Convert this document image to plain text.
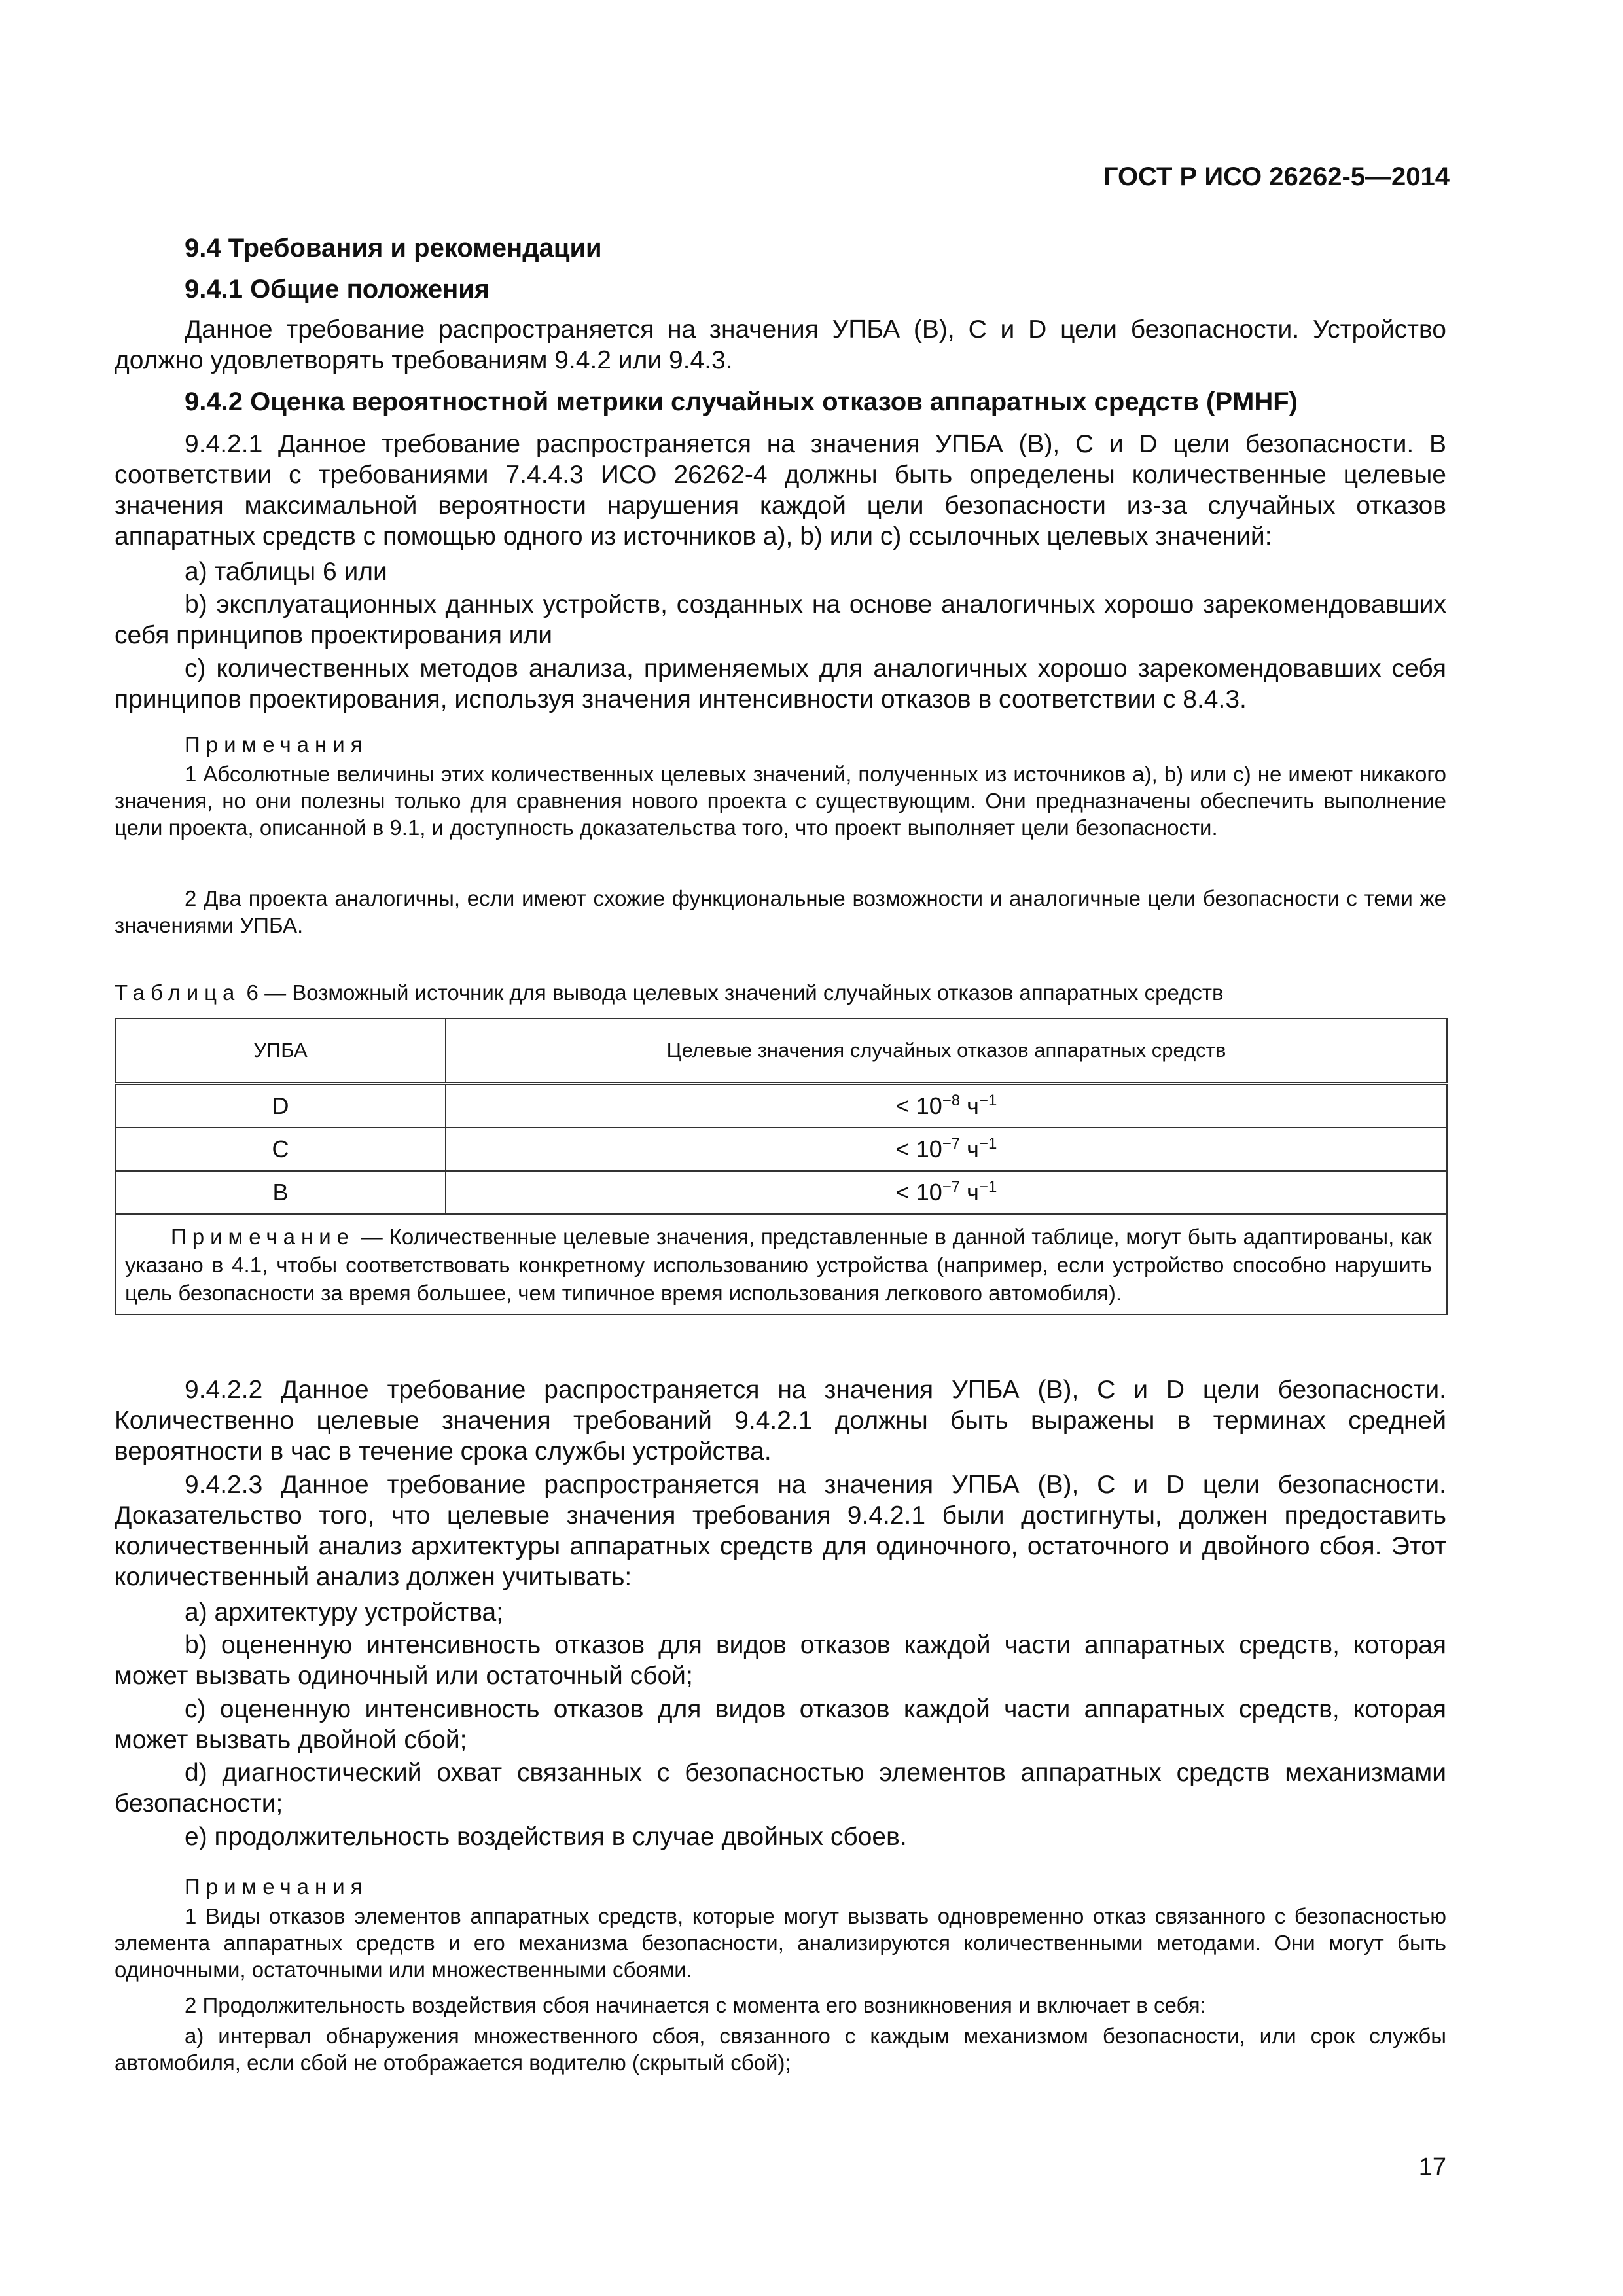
ГОСТ Р ИСО 26262-5—2014
9.4 Требования и рекомендации
9.4.1 Общие положения

Данное требование распространяется на значения УПБА (В), С и D цели безопасности. Устройство должно удовлетворять требованиям 9.4.2 или 9.4.3.

9.4.2 Оценка вероятностной метрики случайных отказов аппаратных средств (PMHF)

9.4.2.1 Данное требование распространяется на значения УПБА (В), С и D цели безопасности. В соответствии с требованиями 7.4.4.3 ИСО 26262-4 должны быть определены количественные целевые значения максимальной вероятности нарушения каждой цели безопасности из-за случайных отказов аппаратных средств с помощью одного из источников a), b) или c) ссылочных целевых значений:

а) таблицы 6 или

b) эксплуатационных данных устройств, созданных на основе аналогичных хорошо зарекомендовавших себя принципов проектирования или

с) количественных методов анализа, применяемых для аналогичных хорошо зарекомендовавших себя принципов проектирования, используя значения интенсивности отказов в соответствии с 8.4.3.

Примечания

1 Абсолютные величины этих количественных целевых значений, полученных из источников а), b) или с) не имеют никакого значения, но они полезны только для сравнения нового проекта с существующим. Они предназначены обеспечить выполнение цели проекта, описанной в 9.1, и доступность доказательства того, что проект выполняет цели безопасности.

2 Два проекта аналогичны, если имеют схожие функциональные возможности и аналогичные цели безопасности с теми же значениями УПБА.

Таблица 6 — Возможный источник для вывода целевых значений случайных отказов аппаратных средств
УПБА	Целевые значения случайных отказов аппаратных средств
D	< $10^{-8}$ $ч^{-1}$
C	< $10^{-7}$ $ч^{-1}$
B	< $10^{-7}$ $ч^{-1}$
Примечание — Количественные целевые значения, представленные в данной таблице, могут быть адаптированы, как указано в 4.1, чтобы соответствовать конкретному использованию устройства (например, если устройство способно нарушить цель безопасности за время большее, чем типичное время использования легкового автомобиля).	

9.4.2.2 Данное требование распространяется на значения УПБА (В), С и D цели безопасности. Количественно целевые значения требований 9.4.2.1 должны быть выражены в терминах средней вероятности в час в течение срока службы устройства.

9.4.2.3 Данное требование распространяется на значения УПБА (В), С и D цели безопасности. Доказательство того, что целевые значения требования 9.4.2.1 были достигнуты, должен предоставить количественный анализ архитектуры аппаратных средств для одиночного, остаточного и двойного сбоя. Этот количественный анализ должен учитывать:

а) архитектуру устройства;

b) оцененную интенсивность отказов для видов отказов каждой части аппаратных средств, которая может вызвать одиночный или остаточный сбой;

с) оцененную интенсивность отказов для видов отказов каждой части аппаратных средств, которая может вызвать двойной сбой;

d) диагностический охват связанных с безопасностью элементов аппаратных средств механизмами безопасности;

е) продолжительность воздействия в случае двойных сбоев.

Примечания

1 Виды отказов элементов аппаратных средств, которые могут вызвать одновременно отказ связанного с безопасностью элемента аппаратных средств и его механизма безопасности, анализируются количественными методами. Они могут быть одиночными, остаточными или множественными сбоями.

2 Продолжительность воздействия сбоя начинается с момента его возникновения и включает в себя:

а) интервал обнаружения множественного сбоя, связанного с каждым механизмом безопасности, или срок службы автомобиля, если сбой не отображается водителю (скрытый сбой);

17
